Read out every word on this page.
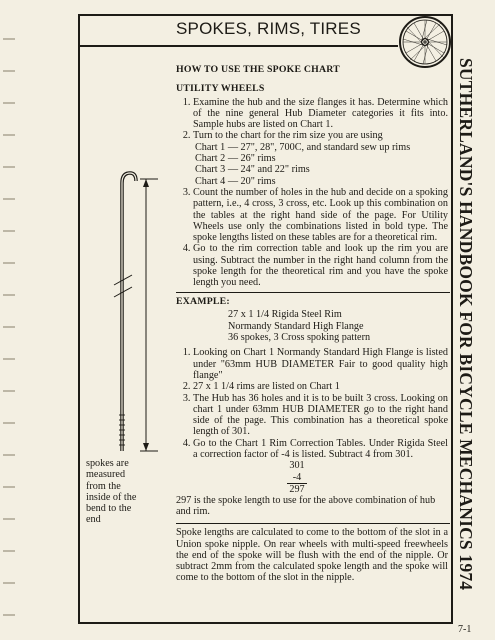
SPOKES, RIMS, TIRES
SUTHERLAND'S HANDBOOK FOR BICYCLE MECHANICS 1974
spokes are measured from the inside of the bend to the end
HOW TO USE THE SPOKE CHART
UTILITY WHEELS
1. Examine the hub and the size flanges it has. Determine which of the nine general Hub Diameter categories it fits into. Sample hubs are listed on Chart 1.
2. Turn to the chart for the rim size you are using
Chart 1 — 27", 28", 700C, and standard sew up rims
Chart 2 — 26" rims
Chart 3 — 24" and 22" rims
Chart 4 — 20" rims
3. Count the number of holes in the hub and decide on a spoking pattern, i.e., 4 cross, 3 cross, etc. Look up this combination on the tables at the right hand side of the page. For Utility Wheels use only the combinations listed in bold type. The spoke lengths listed on these tables are for a theoretical rim.
4. Go to the rim correction table and look up the rim you are using. Subtract the number in the right hand column from the spoke length for the theoretical rim and you have the spoke length you need.
EXAMPLE:
27 x 1 1/4 Rigida Steel Rim
Normandy Standard High Flange
36 spokes, 3 Cross spoking pattern
1. Looking on Chart 1 Normandy Standard High Flange is listed under "63mm HUB DIAMETER Fair to good quality high flange"
2. 27 x 1 1/4 rims are listed on Chart 1
3. The Hub has 36 holes and it is to be built 3 cross. Looking on chart 1 under 63mm HUB DIAMETER go to the right hand side of the page. This combination has a theoretical spoke length of 301.
4. Go to the Chart 1 Rim Correction Tables. Under Rigida Steel a correction factor of -4 is listed. Subtract 4 from 301.
301
-4
297
297 is the spoke length to use for the above combination of hub and rim.
Spoke lengths are calculated to come to the bottom of the slot in a Union spoke nipple. On rear wheels with multi-speed freewheels the end of the spoke will be flush with the end of the nipple. Or subtract 2mm from the calculated spoke length and the spoke will come to the bottom of the slot in the nipple.
7-1
